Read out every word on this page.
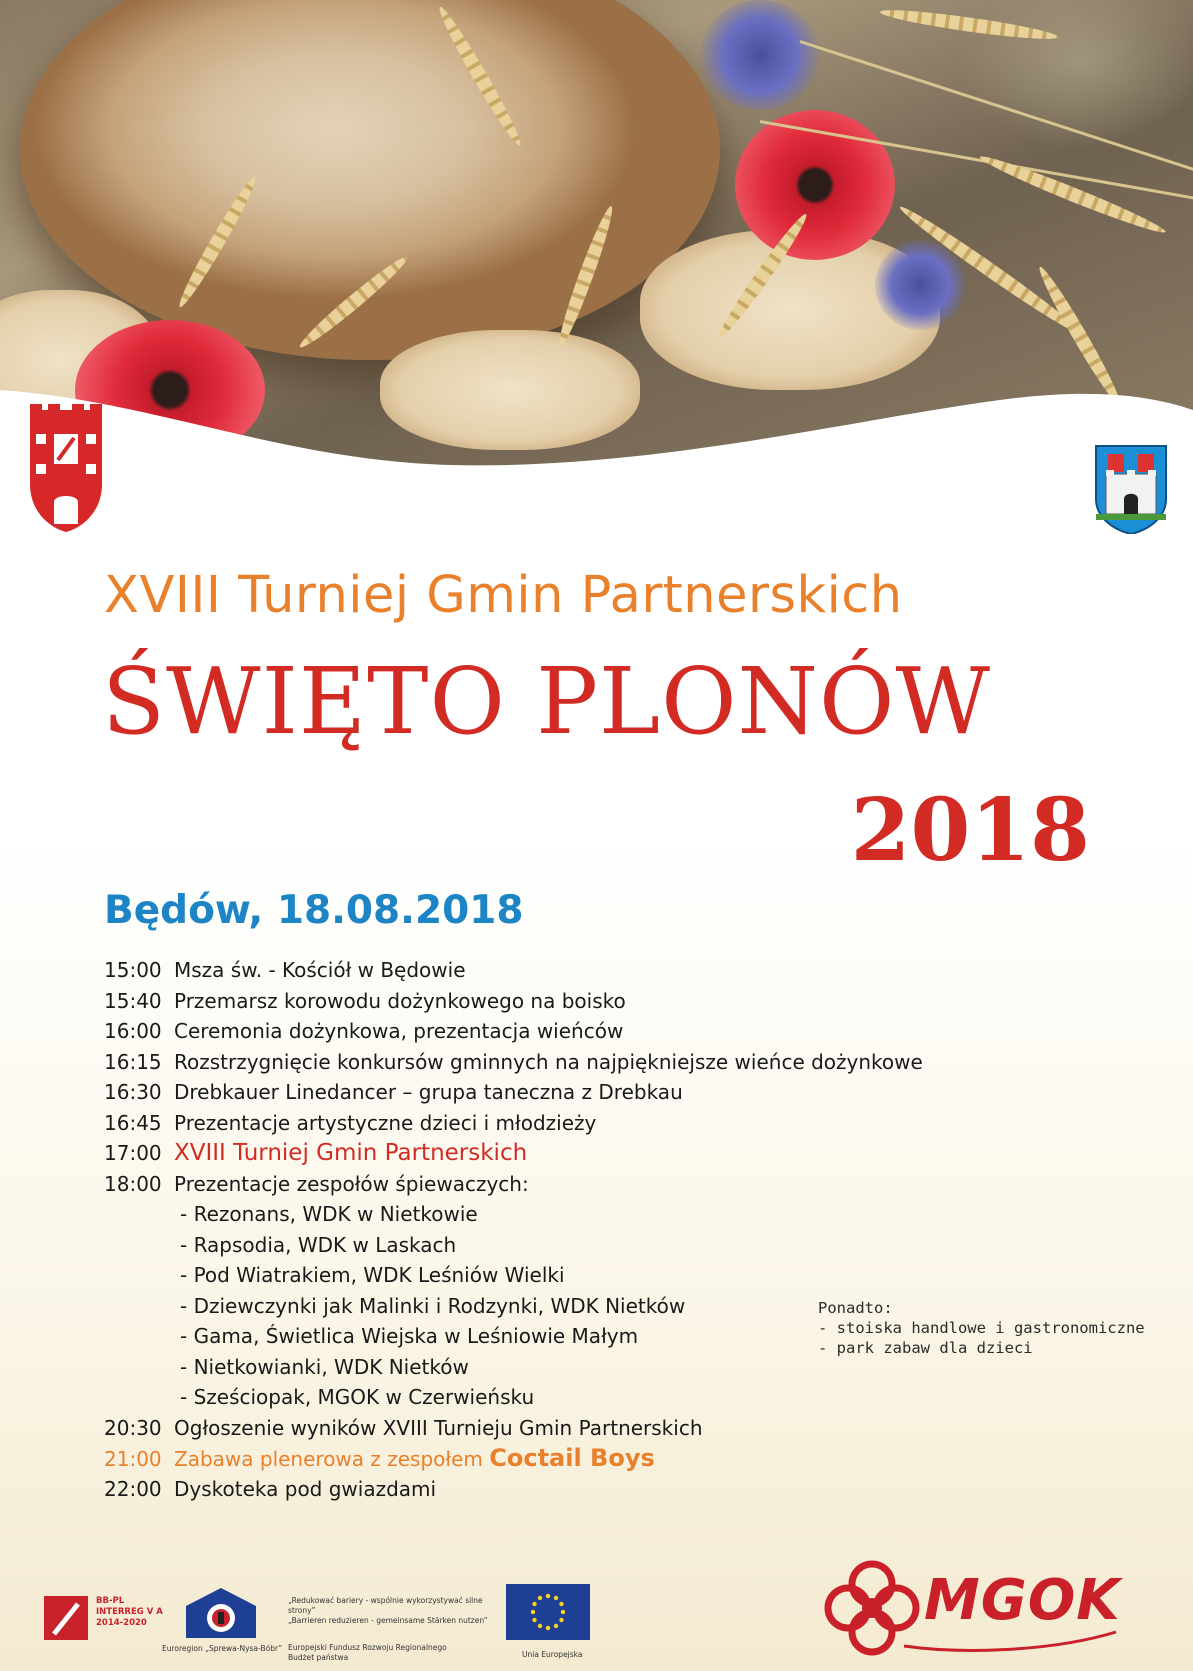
XVIII Turniej Gmin Partnerskich
ŚWIĘTO PLONÓW
2018
Będów, 18.08.2018
15:00 Msza św. - Kościół w Będowie
15:40 Przemarsz korowodu dożynkowego na boisko
16:00 Ceremonia dożynkowa, prezentacja wieńców
16:15 Rozstrzygnięcie konkursów gminnych na najpiękniejsze wieńce dożynkowe
16:30 Drebkauer Linedancer – grupa taneczna z Drebkau
16:45 Prezentacje artystyczne dzieci i młodzieży
17:00 XVIII Turniej Gmin Partnerskich
18:00 Prezentacje zespołów śpiewaczych:
- Rezonans, WDK w Nietkowie
- Rapsodia, WDK w Laskach
- Pod Wiatrakiem, WDK Leśniów Wielki
- Dziewczynki jak Malinki i Rodzynki, WDK Nietków
- Gama, Świetlica Wiejska w Leśniowie Małym
- Nietkowianki, WDK Nietków
- Sześciopak, MGOK w Czerwieńsku
20:30 Ogłoszenie wyników XVIII Turnieju Gmin Partnerskich
21:00 Zabawa plenerowa z zespołem Coctail Boys
22:00 Dyskoteka pod gwiazdami
Ponadto:
- stoiska handlowe i gastronomiczne
- park zabaw dla dzieci
BB-PL
INTERREG V A
2014-2020
Euroregion „Sprewa-Nysa-Bóbr”
„Redukować bariery - wspólnie wykorzystywać silne strony”
„Barrieren reduzieren - gemeinsame Stärken nutzen”
Europejski Fundusz Rozwoju Regionalnego
Budżet państwa	Unia Europejska
MGOK
